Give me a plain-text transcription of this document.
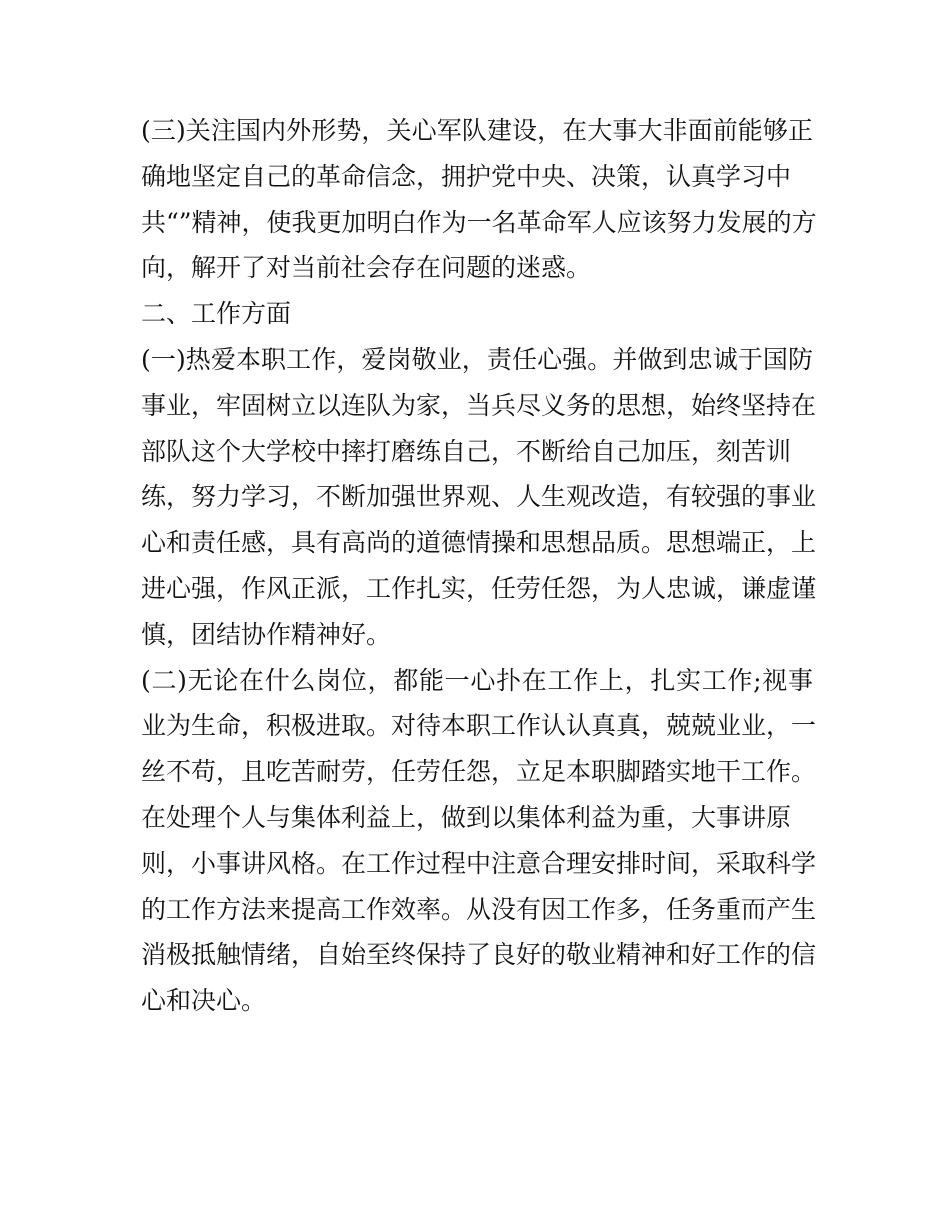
(三)关注国内外形势，关心军队建设，在大事大非面前能够正
确地坚定自己的革命信念，拥护党中央、决策，认真学习中
共“”精神，使我更加明白作为一名革命军人应该努力发展的方
向，解开了对当前社会存在问题的迷惑。
二、工作方面
(一)热爱本职工作，爱岗敬业，责任心强。并做到忠诚于国防
事业，牢固树立以连队为家，当兵尽义务的思想，始终坚持在
部队这个大学校中摔打磨练自己，不断给自己加压，刻苦训
练，努力学习，不断加强世界观、人生观改造，有较强的事业
心和责任感，具有高尚的道德情操和思想品质。思想端正，上
进心强，作风正派，工作扎实，任劳任怨，为人忠诚，谦虚谨
慎，团结协作精神好。
(二)无论在什么岗位，都能一心扑在工作上，扎实工作;视事
业为生命，积极进取。对待本职工作认认真真，兢兢业业，一
丝不苟，且吃苦耐劳，任劳任怨，立足本职脚踏实地干工作。
在处理个人与集体利益上，做到以集体利益为重，大事讲原
则，小事讲风格。在工作过程中注意合理安排时间，采取科学
的工作方法来提高工作效率。从没有因工作多，任务重而产生
消极抵触情绪，自始至终保持了良好的敬业精神和好工作的信
心和决心。
